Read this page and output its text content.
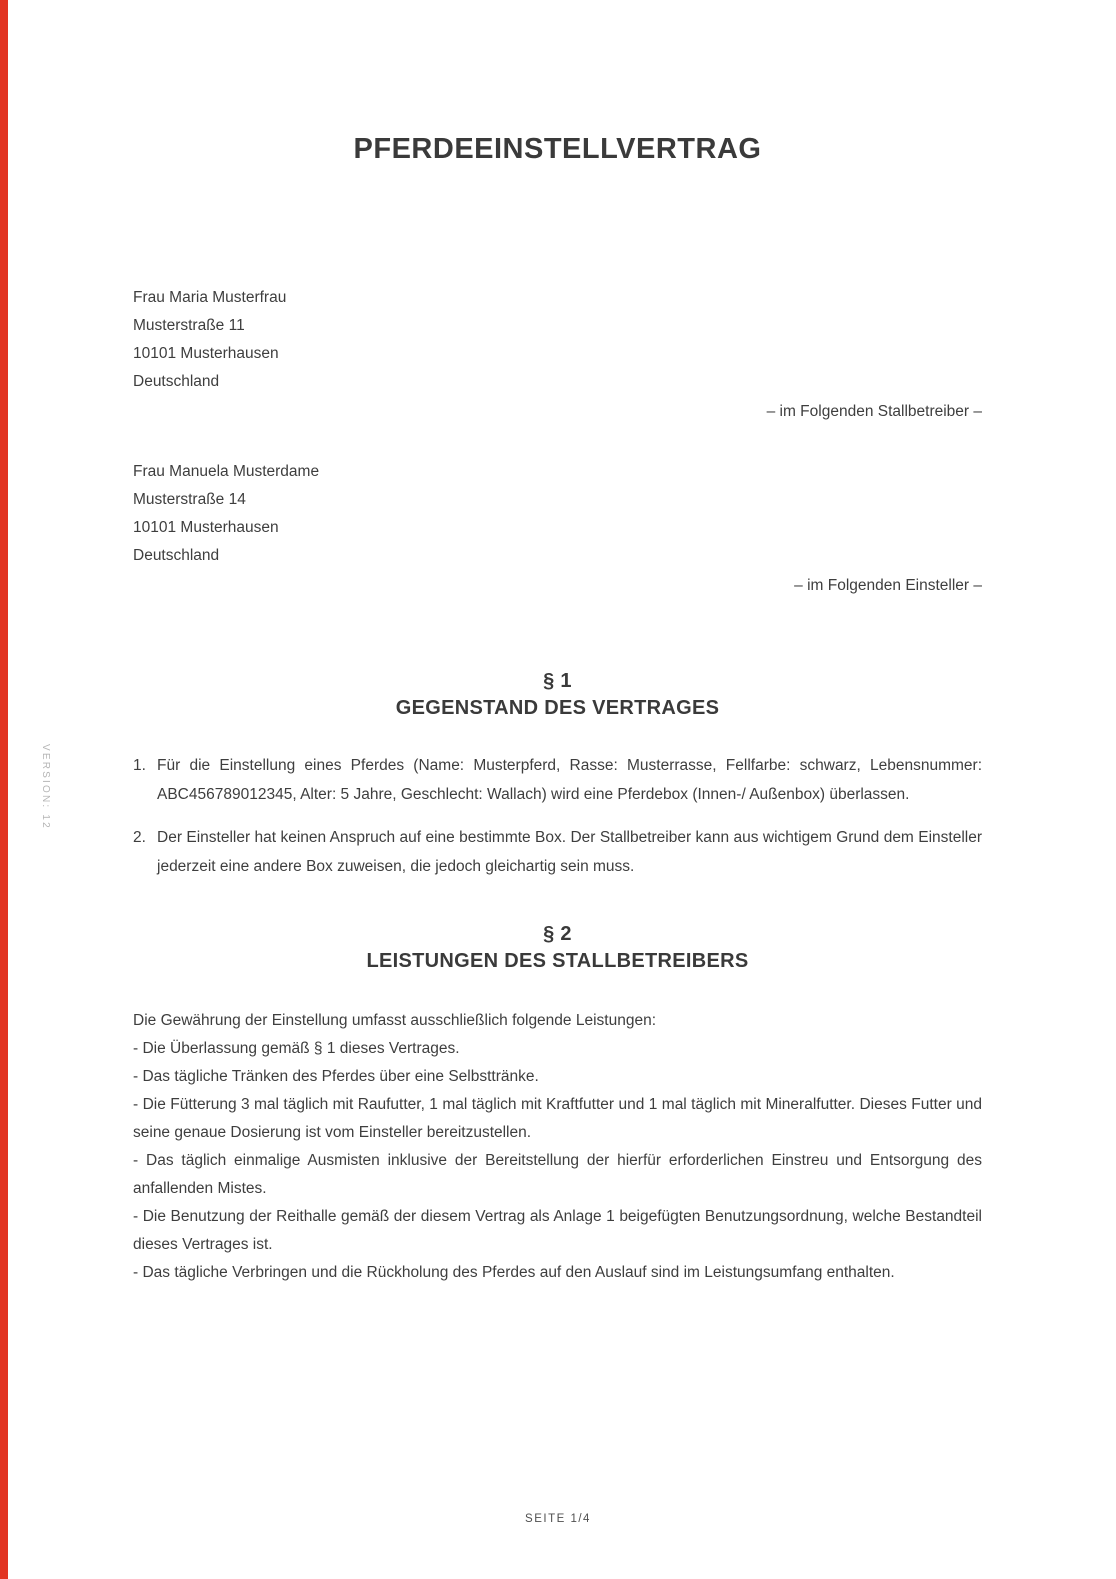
VERSION: 12
PFERDEEINSTELLVERTRAG
Frau Maria Musterfrau
Musterstraße 11
10101 Musterhausen
Deutschland
– im Folgenden Stallbetreiber –
Frau Manuela Musterdame
Musterstraße 14
10101 Musterhausen
Deutschland
– im Folgenden Einsteller –
§ 1
GEGENSTAND DES VERTRAGES
1. Für die Einstellung eines Pferdes (Name: Musterpferd, Rasse: Musterrasse, Fellfarbe: schwarz, Lebensnummer: ABC456789012345, Alter: 5 Jahre, Geschlecht: Wallach) wird eine Pferdebox (Innen-/ Außenbox) überlassen.
2. Der Einsteller hat keinen Anspruch auf eine bestimmte Box. Der Stallbetreiber kann aus wichtigem Grund dem Einsteller jederzeit eine andere Box zuweisen, die jedoch gleichartig sein muss.
§ 2
LEISTUNGEN DES STALLBETREIBERS

Die Gewährung der Einstellung umfasst ausschließlich folgende Leistungen:

- Die Überlassung gemäß § 1 dieses Vertrages.

- Das tägliche Tränken des Pferdes über eine Selbsttränke.

- Die Fütterung 3 mal täglich mit Raufutter, 1 mal täglich mit Kraftfutter und 1 mal täglich mit Mineralfutter. Dieses Futter und seine genaue Dosierung ist vom Einsteller bereitzustellen.

- Das täglich einmalige Ausmisten inklusive der Bereitstellung der hierfür erforderlichen Einstreu und Entsorgung des anfallenden Mistes.

- Die Benutzung der Reithalle gemäß der diesem Vertrag als Anlage 1 beigefügten Benutzungsordnung, welche Bestandteil dieses Vertrages ist.

- Das tägliche Verbringen und die Rückholung des Pferdes auf den Auslauf sind im Leistungsumfang enthalten.

SEITE 1/4
